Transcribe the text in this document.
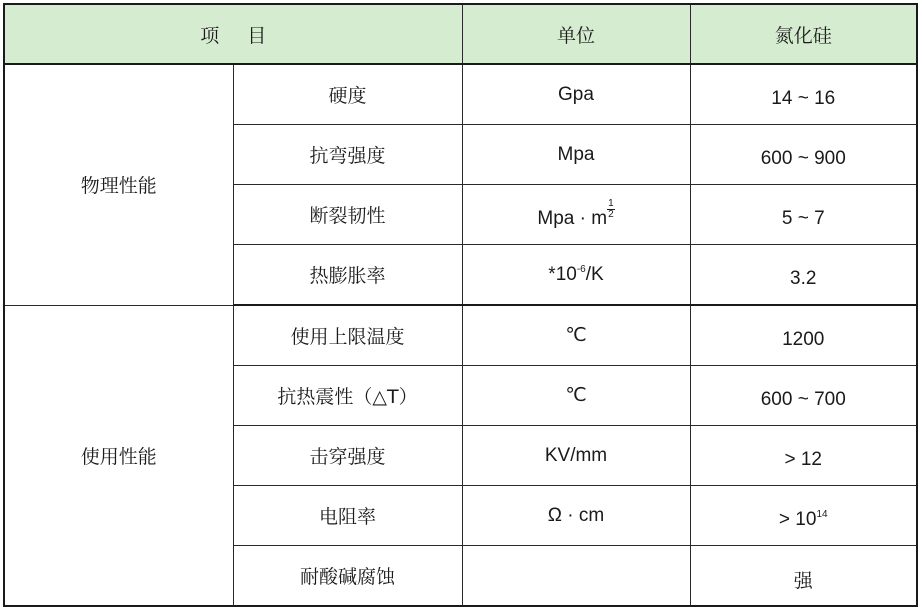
项 目		单位	氮化硅
物理性能	硬度	Gpa	14 ~ 16
	抗弯强度	Mpa	600 ~ 900
	断裂韧性	Mpa · m $\frac{1}{2}$	5 ~ 7
	热膨胀率	$*10^{-6}/K$	3.2
使用性能	使用上限温度	℃	1200
	抗热震性（△T）	℃	600 ~ 700
	击穿强度	KV/mm	> 12
	电阻率	Ω · cm	> $10^{14}$
	耐酸碱腐蚀		强
